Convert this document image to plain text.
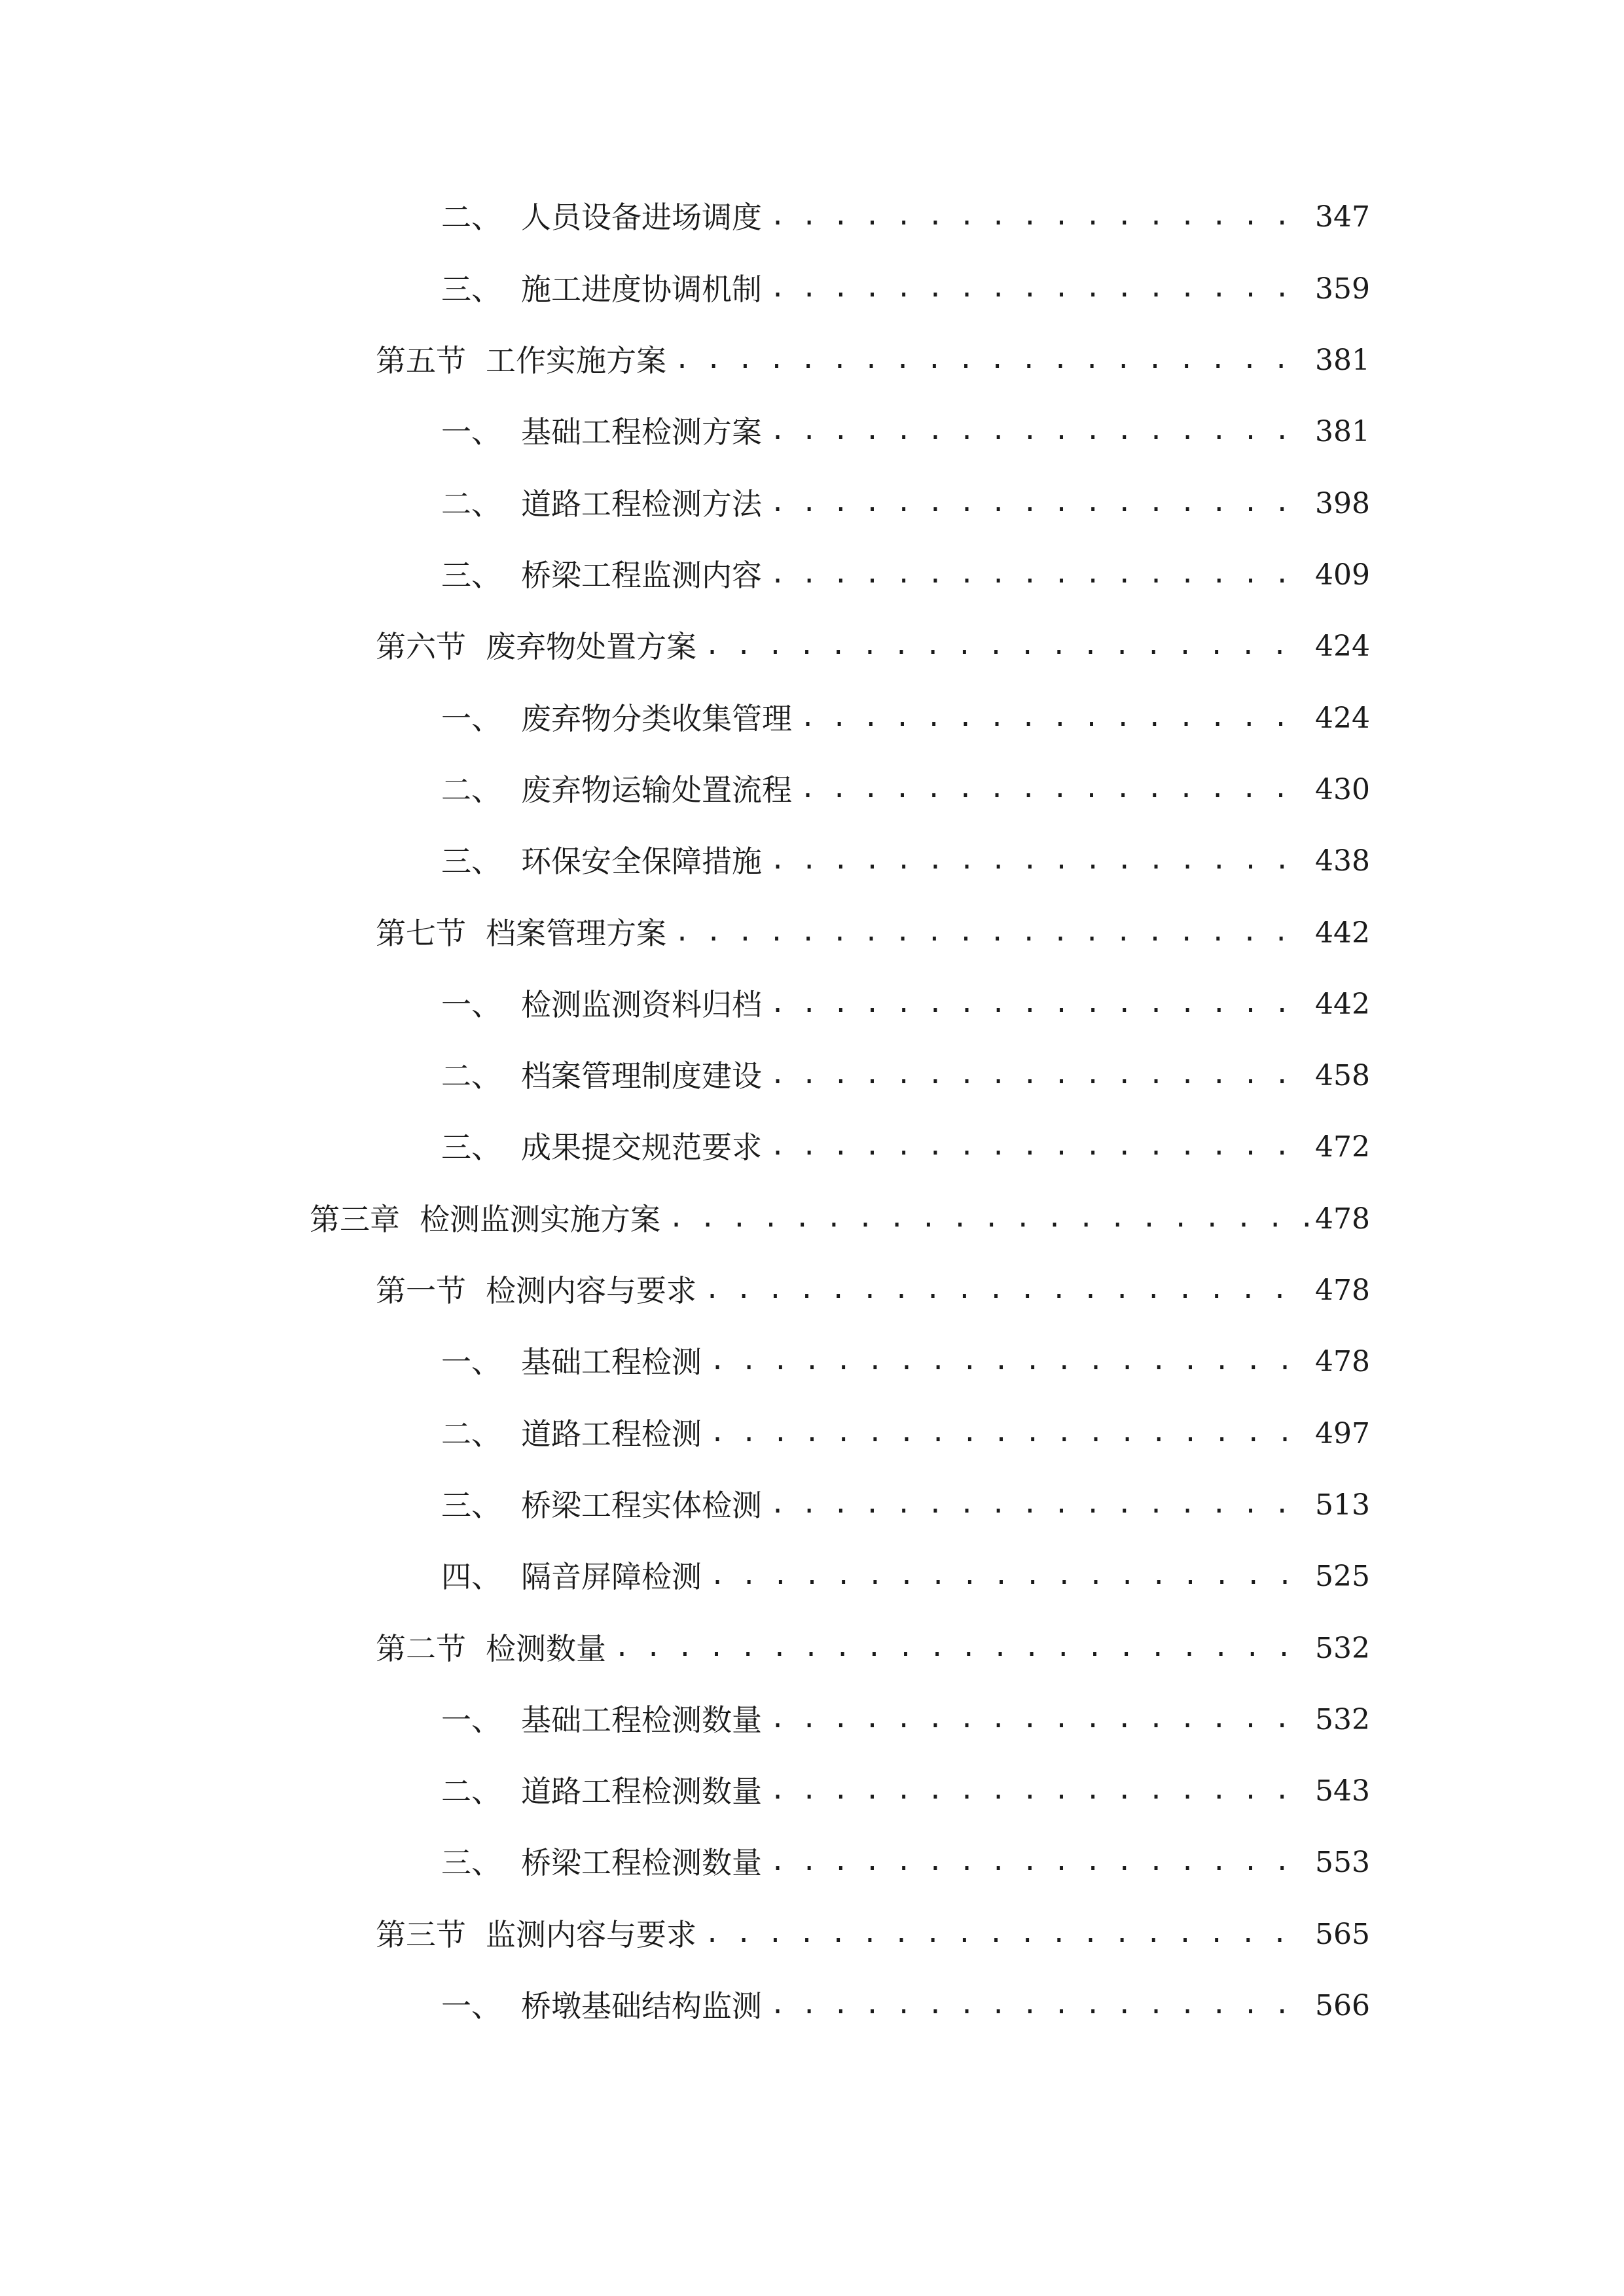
二、 人员设备进场调度 . . .	347
三、 施工进度协调机制 . . .	359
第五节 工作实施方案 . . .	381
一、 基础工程检测方案 . . .	381
二、 道路工程检测方法 . . .	398
三、 桥梁工程监测内容 . . .	409
第六节 废弃物处置方案 . . .	424
一、 废弃物分类收集管理 . . .	424
二、 废弃物运输处置流程 . . .	430
三、 环保安全保障措施 . . .	438
第七节 档案管理方案 . . .	442
一、 检测监测资料归档 . . .	442
二、 档案管理制度建设 . . .	458
三、 成果提交规范要求 . . .	472
第三章 检测监测实施方案 . . .	478
第一节 检测内容与要求 . . .	478
一、 基础工程检测 . . .	478
二、 道路工程检测 . . .	497
三、 桥梁工程实体检测 . . .	513
四、 隔音屏障检测 . . .	525
第二节 检测数量 . . .	532
一、 基础工程检测数量 . . .	532
二、 道路工程检测数量 . . .	543
三、 桥梁工程检测数量 . . .	553
第三节 监测内容与要求 . . .	565
一、 桥墩基础结构监测 . . .	566
